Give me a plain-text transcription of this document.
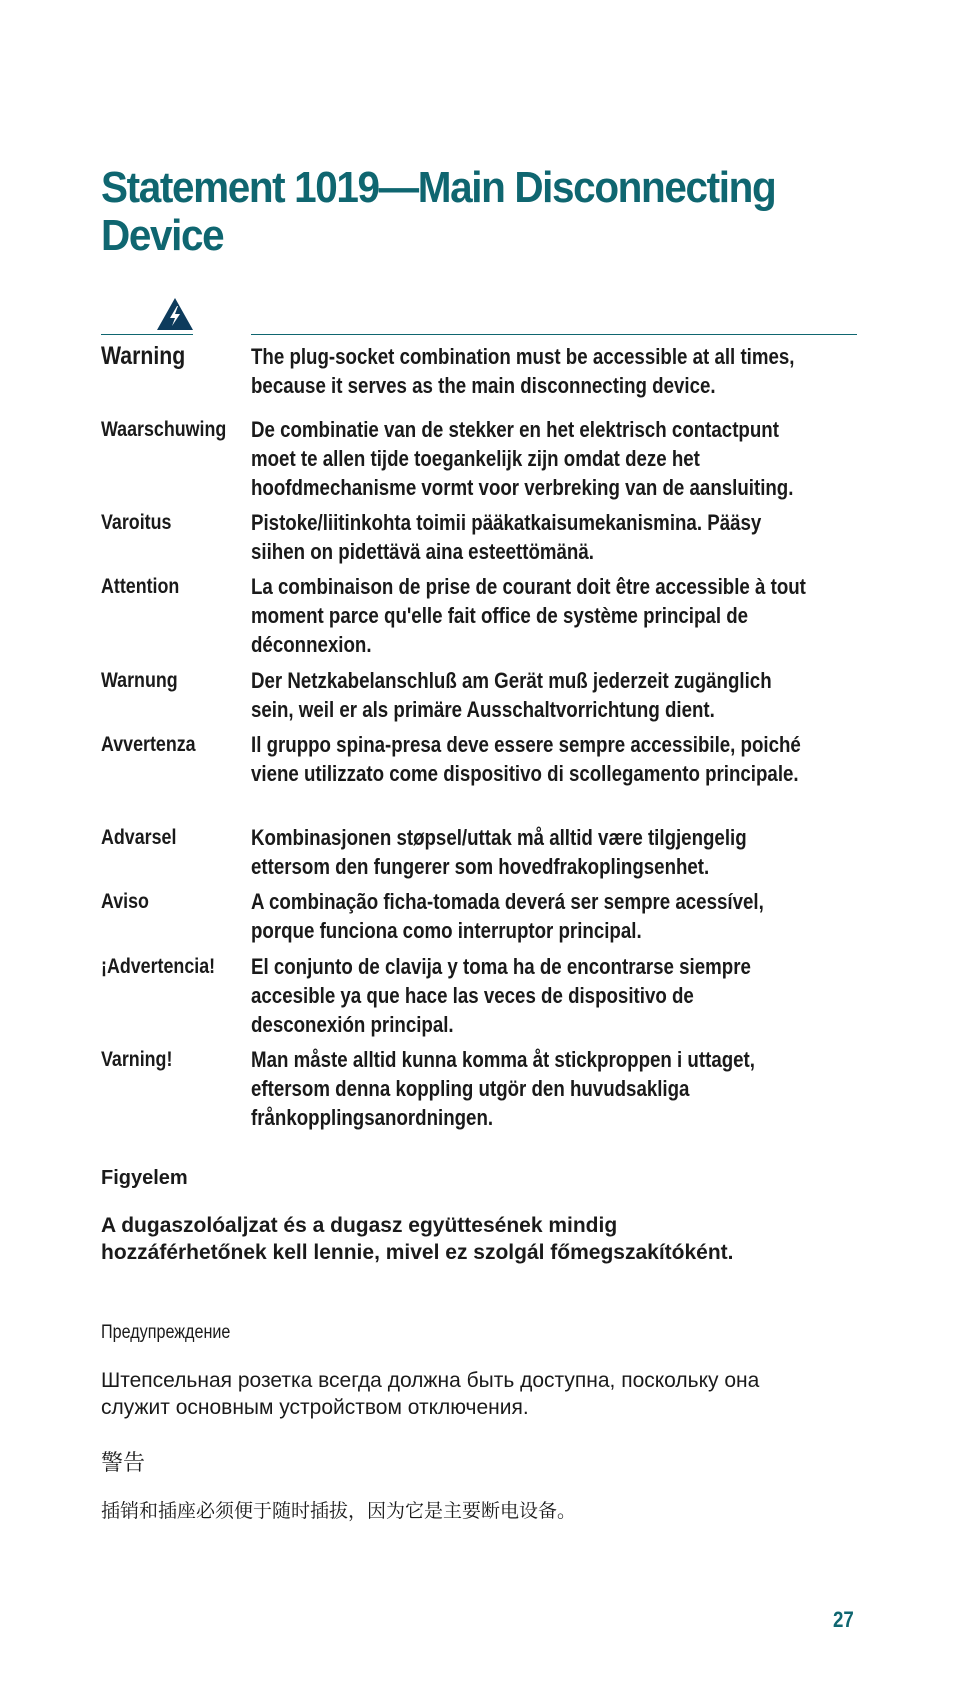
Statement 1019—Main Disconnecting Device
Warning	The plug-socket combination must be accessible at all times, because it serves as the main disconnecting device.
Waarschuwing De combinatie van de stekker en het elektrisch contactpunt moet te allen tijde toegankelijk zijn omdat deze het hoofdmechanisme vormt voor verbreking van de aansluiting.
Varoitus	Pistoke/liitinkohta toimii pääkatkaisumekanismina. Pääsy siihen on pidettävä aina esteettömänä.
Attention	La combinaison de prise de courant doit être accessible à tout moment parce qu'elle fait office de système principal de déconnexion.
Warnung	Der Netzkabelanschluß am Gerät muß jederzeit zugänglich sein, weil er als primäre Ausschaltvorrichtung dient.
Avvertenza	Il gruppo spina-presa deve essere sempre accessibile, poiché viene utilizzato come dispositivo di scollegamento principale.
Advarsel	Kombinasjonen støpsel/uttak må alltid være tilgjengelig ettersom den fungerer som hovedfrakoplingsenhet.
Aviso	A combinação ficha-tomada deverá ser sempre acessível, porque funciona como interruptor principal.
¡Advertencia! El conjunto de clavija y toma ha de encontrarse siempre accesible ya que hace las veces de dispositivo de desconexión principal.
Varning!	Man måste alltid kunna komma åt stickproppen i uttaget, eftersom denna koppling utgör den huvudsakliga frånkopplingsanordningen.
Figyelem
A dugaszolóaljzat és a dugasz együttesének mindig hozzáférhetőnek kell lennie, mivel ez szolgál főmegszakítóként.
Предупреждение
Штепсельная розетка всегда должна быть доступна, поскольку она служит основным устройством отключения.
警告
插销和插座必须便于随时插拔，因为它是主要断电设备。
27
